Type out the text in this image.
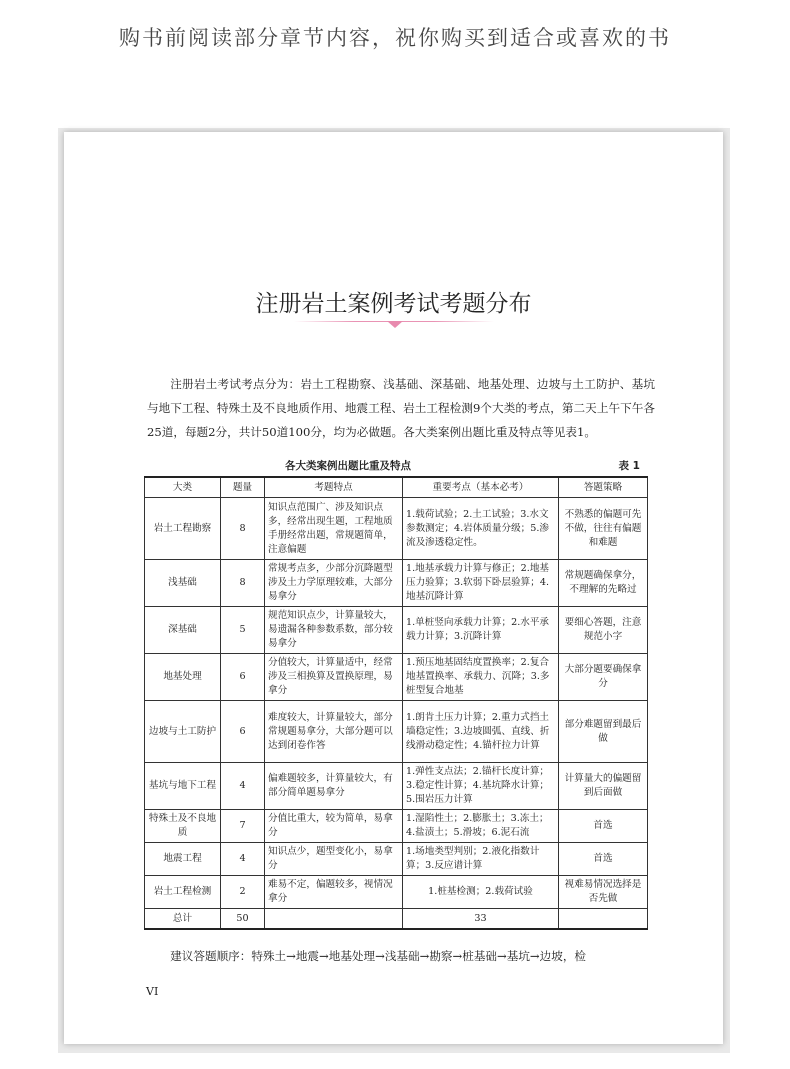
购书前阅读部分章节内容，祝你购买到适合或喜欢的书
注册岩土案例考试考题分布
注册岩土考试考点分为：岩土工程勘察、浅基础、深基础、地基处理、边坡与土工防护、基坑与地下工程、特殊土及不良地质作用、地震工程、岩土工程检测9个大类的考点，第二天上午下午各25道，每题2分，共计50道100分，均为必做题。各大类案例出题比重及特点等见表1。
各大类案例出题比重及特点	表 1
大类	题量	考题特点	重要考点（基本必考）	答题策略
岩土工程勘察	8	知识点范围广、涉及知识点多，经常出现生题，工程地质手册经常出题，常规题简单，注意偏题	1.载荷试验；2.土工试验；3.水文参数测定；4.岩体质量分级；5.渗流及渗透稳定性。	不熟悉的偏题可先不做，往往有偏题和难题
浅基础	8	常规考点多，少部分沉降题型涉及土力学原理较难，大部分易拿分	1.地基承载力计算与修正；2.地基压力验算；3.软弱下卧层验算；4.地基沉降计算	常规题确保拿分，不理解的先略过
深基础	5	规范知识点少，计算量较大，易遗漏各种参数系数，部分较易拿分	1.单桩竖向承载力计算；2.水平承载力计算；3.沉降计算	要细心答题，注意规范小字
地基处理	6	分值较大，计算量适中，经常涉及三相换算及置换原理，易拿分	1.预压地基固结度置换率；2.复合地基置换率、承载力、沉降；3.多桩型复合地基	大部分题要确保拿分
边坡与土工防护	6	难度较大，计算量较大，部分常规题易拿分，大部分题可以达到闭卷作答	1.朗肯土压力计算；2.重力式挡土墙稳定性；3.边坡圆弧、直线、折线滑动稳定性；4.锚杆拉力计算	部分难题留到最后做
基坑与地下工程	4	偏难题较多，计算量较大，有部分简单题易拿分	1.弹性支点法；2.锚杆长度计算；3.稳定性计算；4.基坑降水计算；5.围岩压力计算	计算量大的偏题留到后面做
特殊土及不良地质	7	分值比重大，较为简单，易拿分	1.湿陷性土；2.膨胀土；3.冻土；4.盐渍土；5.滑坡；6.泥石流	首选
地震工程	4	知识点少，题型变化小，易拿分	1.场地类型判别；2.液化指数计算；3.反应谱计算	首选
岩土工程检测	2	难易不定，偏题较多，视情况拿分	1.桩基检测；2.载荷试验	视难易情况选择是否先做
总计	50		33	
建议答题顺序：特殊土→地震→地基处理→浅基础→勘察→桩基础→基坑→边坡，检
VI
